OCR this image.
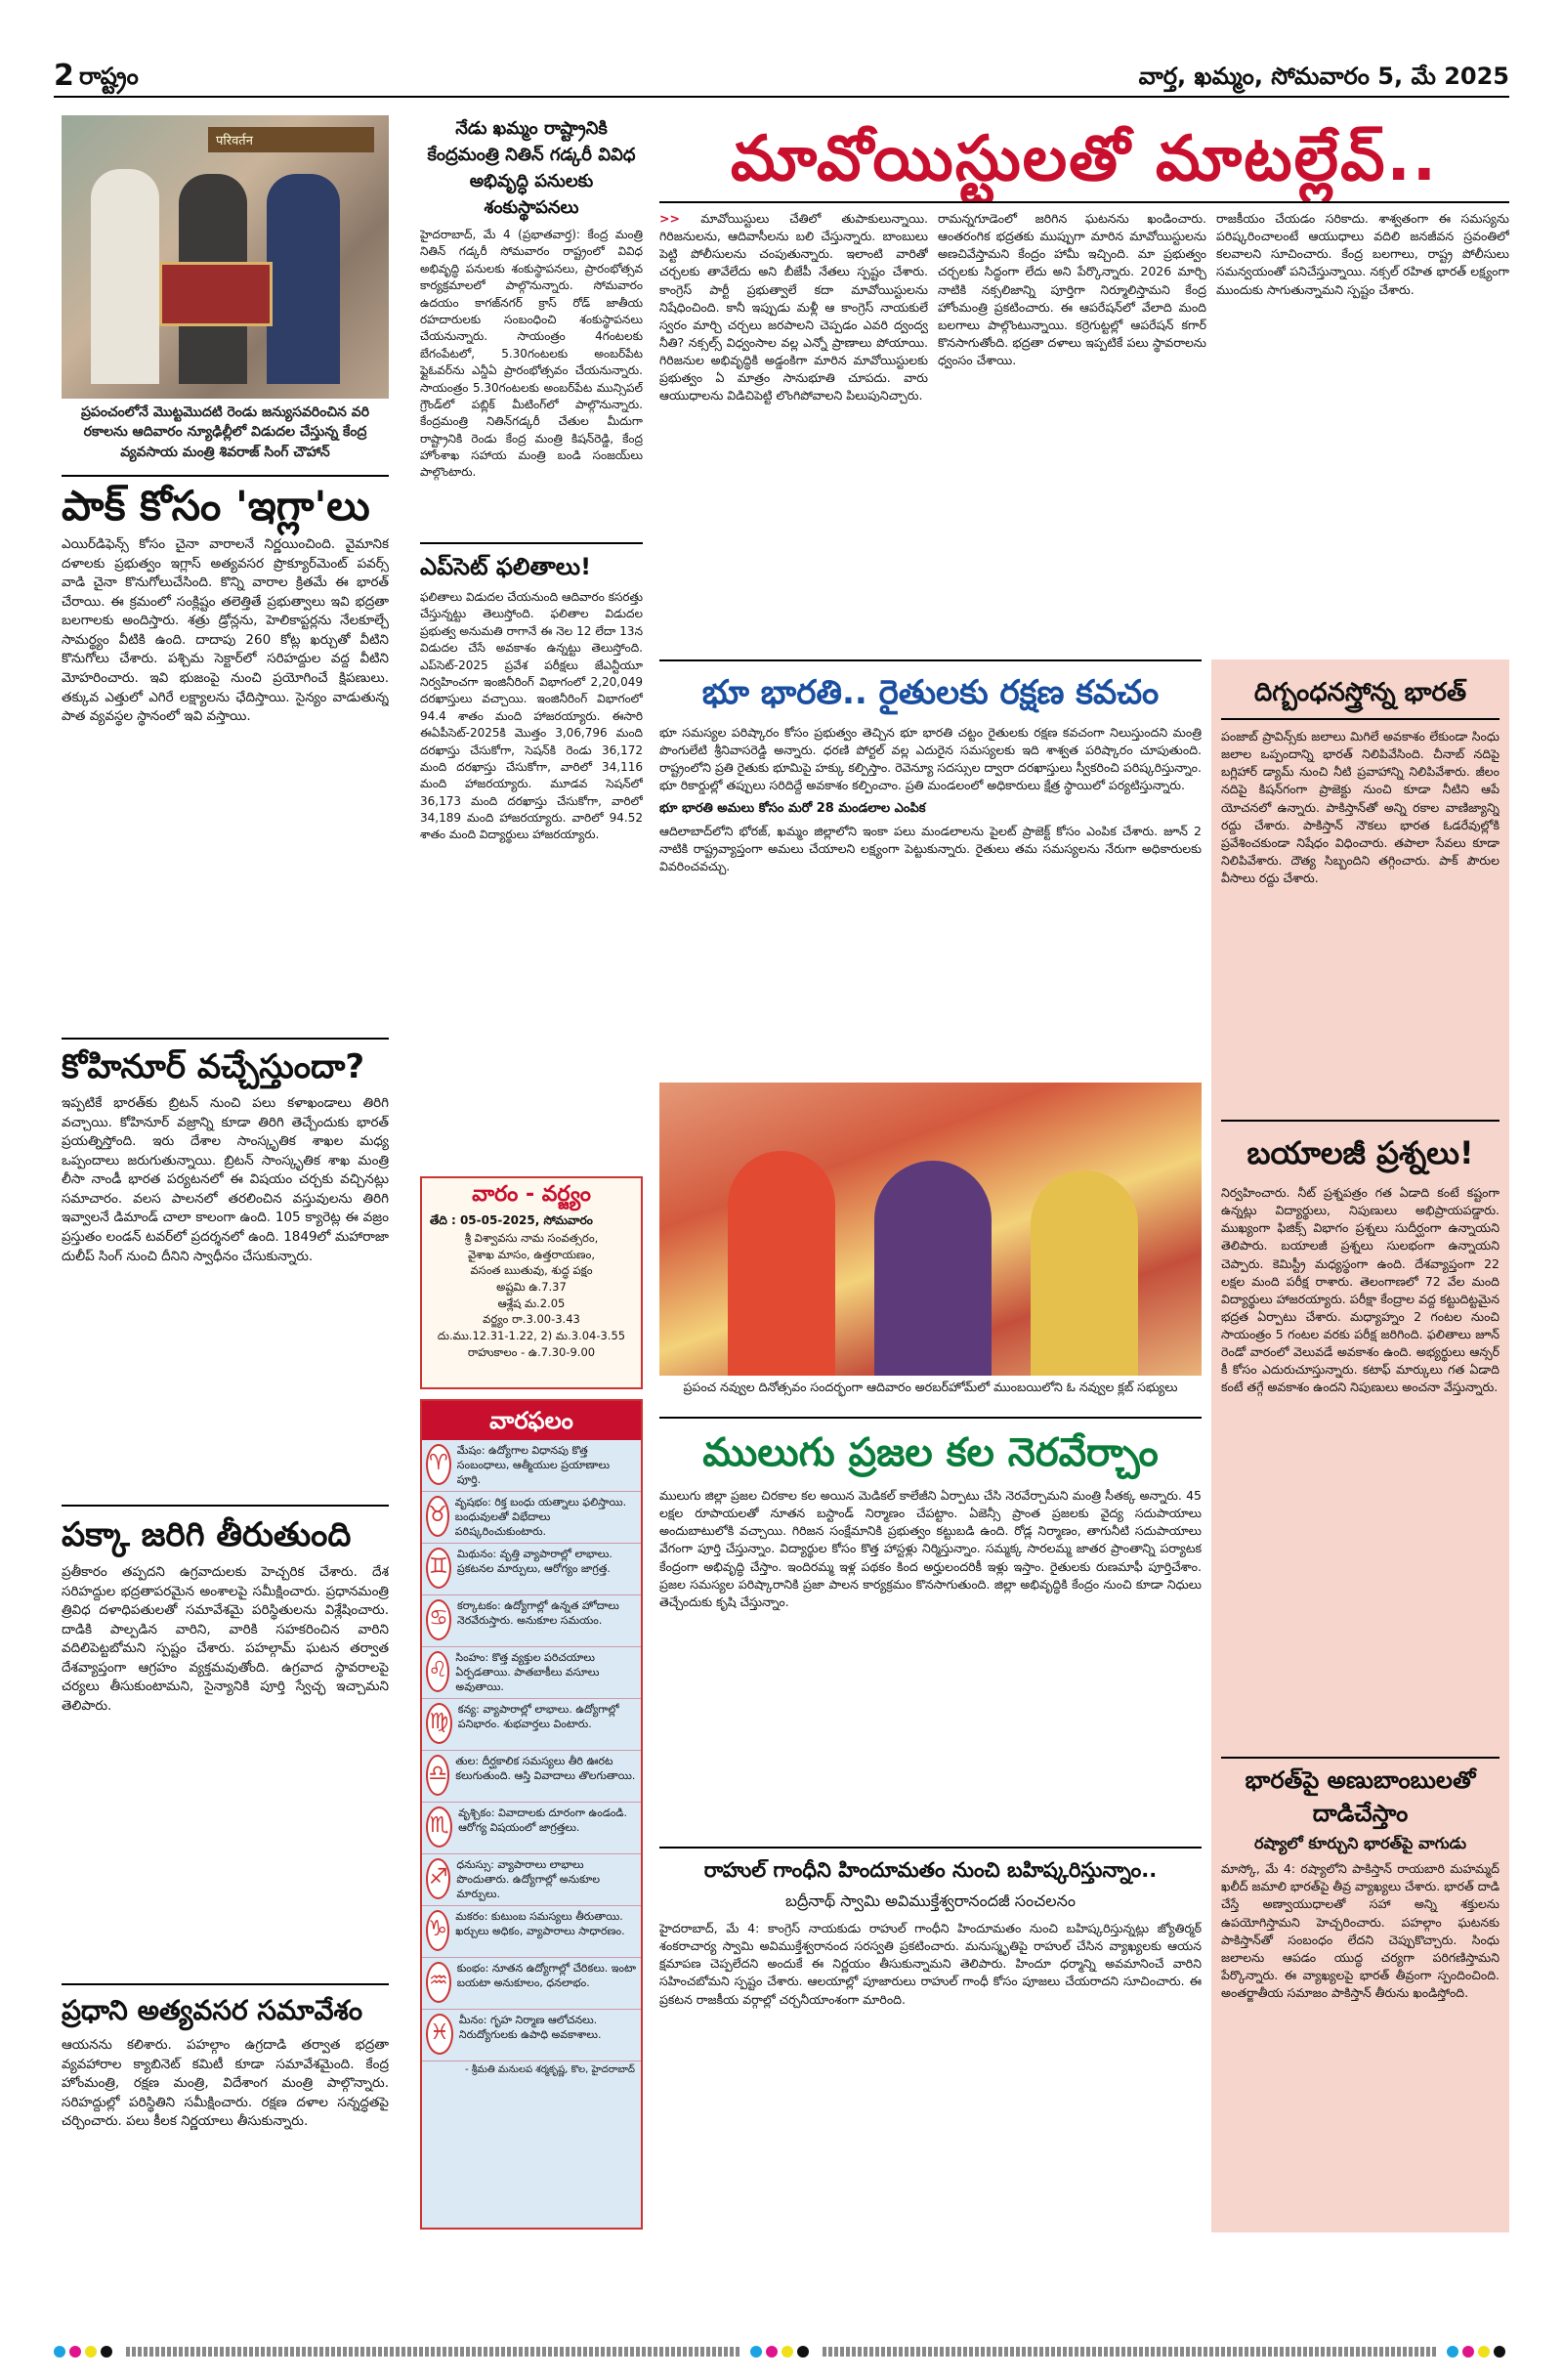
2 రాష్ట్రం	వార్త, ఖమ్మం, సోమవారం 5, మే 2025
परिवर्तन
ప్రపంచంలోనే మొట్టమొదటి రెండు జన్యుసవరించిన వరి రకాలను ఆదివారం న్యూఢిల్లీలో విడుదల చేస్తున్న కేంద్ర వ్యవసాయ మంత్రి శివరాజ్ సింగ్ చౌహాన్
పాక్ కోసం 'ఇగ్లా'లు
ఎయిర్‌డిఫెన్స్ కోసం చైనా వారాలనే నిర్ణయించింది. వైమానిక దళాలకు ప్రభుత్వం ఇగ్లాస్ అత్యవసర ప్రొక్యూర్‌మెంట్ పవర్స్ వాడి చైనా కొనుగోలుచేసింది. కొన్ని వారాల క్రితమే ఈ భారత్ చేరాయి. ఈ క్రమంలో సంక్లిష్టం తలెత్తితే ప్రభుత్వాలు ఇవి భద్రతా బలగాలకు అందిస్తారు. శత్రు డ్రోన్లను, హెలికాప్టర్లను నేలకూల్చే సామర్థ్యం వీటికి ఉంది. దాదాపు 260 కోట్ల ఖర్చుతో వీటిని కొనుగోలు చేశారు. పశ్చిమ సెక్టార్‌లో సరిహద్దుల వద్ద వీటిని మోహరించారు. ఇవి భుజంపై నుంచి ప్రయోగించే క్షిపణులు. తక్కువ ఎత్తులో ఎగిరే లక్ష్యాలను ఛేదిస్తాయి. సైన్యం వాడుతున్న పాత వ్యవస్థల స్థానంలో ఇవి వస్తాయి.
కోహినూర్ వచ్చేస్తుందా?
ఇప్పటికే భారత్‌కు బ్రిటన్ నుంచి పలు కళాఖండాలు తిరిగి వచ్చాయి. కోహినూర్ వజ్రాన్ని కూడా తిరిగి తెచ్చేందుకు భారత్ ప్రయత్నిస్తోంది. ఇరు దేశాల సాంస్కృతిక శాఖల మధ్య ఒప్పందాలు జరుగుతున్నాయి. బ్రిటన్ సాంస్కృతిక శాఖ మంత్రి లీసా నాండీ భారత పర్యటనలో ఈ విషయం చర్చకు వచ్చినట్లు సమాచారం. వలస పాలనలో తరలించిన వస్తువులను తిరిగి ఇవ్వాలనే డిమాండ్ చాలా కాలంగా ఉంది. 105 క్యారెట్ల ఈ వజ్రం ప్రస్తుతం లండన్ టవర్‌లో ప్రదర్శనలో ఉంది. 1849లో మహారాజా దులీప్ సింగ్ నుంచి దీనిని స్వాధీనం చేసుకున్నారు.
పక్కా జరిగి తీరుతుంది
ప్రతీకారం తప్పదని ఉగ్రవాదులకు హెచ్చరిక చేశారు. దేశ సరిహద్దుల భద్రతాపరమైన అంశాలపై సమీక్షించారు. ప్రధానమంత్రి త్రివిధ దళాధిపతులతో సమావేశమై పరిస్థితులను విశ్లేషించారు. దాడికి పాల్పడిన వారిని, వారికి సహకరించిన వారిని వదిలిపెట్టబోమని స్పష్టం చేశారు. పహల్గామ్ ఘటన తర్వాత దేశవ్యాప్తంగా ఆగ్రహం వ్యక్తమవుతోంది. ఉగ్రవాద స్థావరాలపై చర్యలు తీసుకుంటామని, సైన్యానికి పూర్తి స్వేచ్ఛ ఇచ్చామని తెలిపారు.
ప్రధాని అత్యవసర సమావేశం
ఆయనను కలిశారు. పహల్గాం ఉగ్రదాడి తర్వాత భద్రతా వ్యవహారాల క్యాబినెట్ కమిటీ కూడా సమావేశమైంది. కేంద్ర హోంమంత్రి, రక్షణ మంత్రి, విదేశాంగ మంత్రి పాల్గొన్నారు. సరిహద్దుల్లో పరిస్థితిని సమీక్షించారు. రక్షణ దళాల సన్నద్ధతపై చర్చించారు. పలు కీలక నిర్ణయాలు తీసుకున్నారు.
నేడు ఖమ్మం రాష్ట్రానికి కేంద్రమంత్రి నితిన్ గడ్కరీ వివిధ అభివృద్ధి పనులకు శంకుస్థాపనలు
హైదరాబాద్, మే 4 (ప్రభాతవార్త): కేంద్ర మంత్రి నితిన్ గడ్కరీ సోమవారం రాష్ట్రంలో వివిధ అభివృద్ధి పనులకు శంకుస్థాపనలు, ప్రారంభోత్సవ కార్యక్రమాలలో పాల్గొనున్నారు. సోమవారం ఉదయం కాగజ్‌నగర్ క్రాస్ రోడ్ జాతీయ రహదారులకు సంబంధించి శంకుస్థాపనలు చేయనున్నారు. సాయంత్రం 4గంటలకు బేగంపేటలో, 5.30గంటలకు అంబర్‌పేట ఫ్లైఓవర్‌ను ఎన్డీఏ ప్రారంభోత్సవం చేయనున్నారు. సాయంత్రం 5.30గంటలకు అంబర్‌పేట మున్సిపల్ గ్రౌండ్‌లో పబ్లిక్ మీటింగ్‌లో పాల్గొనున్నారు. కేంద్రమంత్రి నితిన్‌గడ్కరీ చేతుల మీదుగా రాష్ట్రానికి రెండు కేంద్ర మంత్రి కిషన్‌రెడ్డి, కేంద్ర హోంశాఖ సహాయ మంత్రి బండి సంజయ్‌లు పాల్గొంటారు.
ఎప్‌సెట్ ఫలితాలు!
ఫలితాలు విడుదల చేయనుంది ఆదివారం కసరత్తు చేస్తున్నట్టు తెలుస్తోంది. ఫలితాల విడుదల ప్రభుత్వ అనుమతి రాగానే ఈ నెల 12 లేదా 13న విడుదల చేసే అవకాశం ఉన్నట్టు తెలుస్తోంది. ఎప్‌సెట్-2025 ప్రవేశ పరీక్షలు జేఎన్టీయూ నిర్వహించగా ఇంజినీరింగ్ విభాగంలో 2,20,049 దరఖాస్తులు వచ్చాయి. ఇంజినీరింగ్ విభాగంలో 94.4 శాతం మంది హాజరయ్యారు. ఈసారి ఈఏపీసెట్-2025కి మొత్తం 3,06,796 మంది దరఖాస్తు చేసుకోగా, సెషన్‌కి రెండు 36,172 మంది దరఖాస్తు చేసుకోగా, వారిలో 34,116 మంది హాజరయ్యారు. మూడవ సెషన్‌లో 36,173 మంది దరఖాస్తు చేసుకోగా, వారిలో 34,189 మంది హాజరయ్యారు. వారిలో 94.52 శాతం మంది విద్యార్థులు హాజరయ్యారు.
వారం - వర్జ్యం
తేది : 05-05-2025, సోమవారం
శ్రీ విశ్వావసు నామ సంవత్సరం,
వైశాఖ మాసం, ఉత్తరాయణం,
వసంత ఋతువు, శుద్ధ పక్షం
అష్టమి ఉ.7.37
ఆశ్లేష మ.2.05
వర్జ్యం రా.3.00-3.43
దు.ము.12.31-1.22, 2) మ.3.04-3.55
రాహుకాలం - ఉ.7.30-9.00
వారఫలం
♈
మేషం: ఉద్యోగాల విధానపు కొత్త సంబంధాలు, ఆత్మీయుల ప్రయాణాలు పూర్తి.
♉
వృషభం: రిక్త బంధు యత్నాలు ఫలిస్తాయి. బంధువులతో విభేదాలు పరిష్కరించుకుంటారు.
♊
మిథునం: వృత్తి వ్యాపారాల్లో లాభాలు. ప్రకటనల మార్పులు, ఆరోగ్యం జాగ్రత్త.
♋
కర్కాటకం: ఉద్యోగాల్లో ఉన్నత హోదాలు నెరవేరుస్తారు. అనుకూల సమయం.
♌
సింహం: కొత్త వ్యక్తుల పరిచయాలు ఏర్పడతాయి. పాతబాకీలు వసూలు అవుతాయి.
♍
కన్య: వ్యాపారాల్లో లాభాలు. ఉద్యోగాల్లో పనిభారం. శుభవార్తలు వింటారు.
♎
తుల: దీర్ఘకాలిక సమస్యలు తీరి ఊరట కలుగుతుంది. ఆస్తి వివాదాలు తొలగుతాయి.
♏
వృశ్చికం: వివాదాలకు దూరంగా ఉండండి. ఆరోగ్య విషయంలో జాగ్రత్తలు.
♐
ధనుస్సు: వ్యాపారాలు లాభాలు పొందుతారు. ఉద్యోగాల్లో అనుకూల మార్పులు.
♑
మకరం: కుటుంబ సమస్యలు తీరుతాయి. ఖర్చులు అధికం, వ్యాపారాలు సాధారణం.
♒
కుంభం: నూతన ఉద్యోగాల్లో చేరికలు. ఇంటా బయటా అనుకూలం, ధనలాభం.
♓
మీనం: గృహ నిర్మాణ ఆలోచనలు. నిరుద్యోగులకు ఉపాధి అవకాశాలు.
- శ్రీమతి మనులప శర్మకృష్ణ, కొల, హైదరాబాద్
మావోయిస్టులతో మాటల్లేవ్..
>> మావోయిస్టులు చేతిలో తుపాకులున్నాయి. గిరిజనులను, ఆదివాసీలను బలి చేస్తున్నారు. బాంబులు పెట్టి పోలీసులను చంపుతున్నారు. ఇలాంటి వారితో చర్చలకు తావేలేదు అని బీజేపీ నేతలు స్పష్టం చేశారు. కాంగ్రెస్ పార్టీ ప్రభుత్వాలే కదా మావోయిస్టులను నిషేధించింది. కానీ ఇప్పుడు మళ్లీ ఆ కాంగ్రెస్ నాయకులే స్వరం మార్చి చర్చలు జరపాలని చెప్పడం ఎవరి ద్వంద్వ నీతి? నక్సల్స్ విధ్వంసాల వల్ల ఎన్నో ప్రాణాలు పోయాయి. గిరిజనుల అభివృద్ధికి అడ్డంకిగా మారిన మావోయిస్టులకు ప్రభుత్వం ఏ మాత్రం సానుభూతి చూపదు. వారు ఆయుధాలను విడిచిపెట్టి లొంగిపోవాలని పిలుపునిచ్చారు.
రామన్నగూడెంలో జరిగిన ఘటనను ఖండించారు. ఆంతరంగిక భద్రతకు ముప్పుగా మారిన మావోయిస్టులను అణచివేస్తామని కేంద్రం హామీ ఇచ్చింది. మా ప్రభుత్వం చర్చలకు సిద్ధంగా లేదు అని పేర్కొన్నారు. 2026 మార్చి నాటికి నక్సలిజాన్ని పూర్తిగా నిర్మూలిస్తామని కేంద్ర హోంమంత్రి ప్రకటించారు. ఈ ఆపరేషన్‌లో వేలాది మంది బలగాలు పాల్గొంటున్నాయి. కర్రెగుట్టల్లో ఆపరేషన్ కగార్ కొనసాగుతోంది. భద్రతా దళాలు ఇప్పటికే పలు స్థావరాలను ధ్వంసం చేశాయి.
రాజకీయం చేయడం సరికాదు. శాశ్వతంగా ఈ సమస్యను పరిష్కరించాలంటే ఆయుధాలు వదిలి జనజీవన స్రవంతిలో కలవాలని సూచించారు. కేంద్ర బలగాలు, రాష్ట్ర పోలీసులు సమన్వయంతో పనిచేస్తున్నాయి. నక్సల్ రహిత భారత్ లక్ష్యంగా ముందుకు సాగుతున్నామని స్పష్టం చేశారు.
భూ భారతి.. రైతులకు రక్షణ కవచం
భూ సమస్యల పరిష్కారం కోసం ప్రభుత్వం తెచ్చిన భూ భారతి చట్టం రైతులకు రక్షణ కవచంగా నిలుస్తుందని మంత్రి పొంగులేటి శ్రీనివాసరెడ్డి అన్నారు. ధరణి పోర్టల్ వల్ల ఎదురైన సమస్యలకు ఇది శాశ్వత పరిష్కారం చూపుతుంది. రాష్ట్రంలోని ప్రతి రైతుకు భూమిపై హక్కు కల్పిస్తాం. రెవెన్యూ సదస్సుల ద్వారా దరఖాస్తులు స్వీకరించి పరిష్కరిస్తున్నాం. భూ రికార్డుల్లో తప్పులు సరిదిద్దే అవకాశం కల్పించాం. ప్రతి మండలంలో అధికారులు క్షేత్ర స్థాయిలో పర్యటిస్తున్నారు.
భూ భారతి అమలు కోసం మరో 28 మండలాల ఎంపిక
ఆదిలాబాద్‌లోని భోరజ్, ఖమ్మం జిల్లాలోని ఇంకా పలు మండలాలను పైలట్ ప్రాజెక్ట్ కోసం ఎంపిక చేశారు. జూన్ 2 నాటికి రాష్ట్రవ్యాప్తంగా అమలు చేయాలని లక్ష్యంగా పెట్టుకున్నారు. రైతులు తమ సమస్యలను నేరుగా అధికారులకు వివరించవచ్చు.
ప్రపంచ నవ్వుల దినోత్సవం సందర్భంగా ఆదివారం అరబర్‌హోమ్‌లో ముంబయిలోని ఓ నవ్వుల క్లబ్ సభ్యులు
ములుగు ప్రజల కల నెరవేర్చాం
ములుగు జిల్లా ప్రజల చిరకాల కల అయిన మెడికల్ కాలేజీని ఏర్పాటు చేసి నెరవేర్చామని మంత్రి సీతక్క అన్నారు. 45 లక్షల రూపాయలతో నూతన బస్టాండ్ నిర్మాణం చేపట్టాం. ఏజెన్సీ ప్రాంత ప్రజలకు వైద్య సదుపాయాలు అందుబాటులోకి వచ్చాయి. గిరిజన సంక్షేమానికి ప్రభుత్వం కట్టుబడి ఉంది. రోడ్ల నిర్మాణం, తాగునీటి సదుపాయాలు వేగంగా పూర్తి చేస్తున్నాం. విద్యార్థుల కోసం కొత్త హాస్టళ్లు నిర్మిస్తున్నాం. సమ్మక్క సారలమ్మ జాతర ప్రాంతాన్ని పర్యాటక కేంద్రంగా అభివృద్ధి చేస్తాం. ఇందిరమ్మ ఇళ్ల పథకం కింద అర్హులందరికీ ఇళ్లు ఇస్తాం. రైతులకు రుణమాఫీ పూర్తిచేశాం. ప్రజల సమస్యల పరిష్కారానికి ప్రజా పాలన కార్యక్రమం కొనసాగుతుంది. జిల్లా అభివృద్ధికి కేంద్రం నుంచి కూడా నిధులు తెచ్చేందుకు కృషి చేస్తున్నాం.
రాహుల్ గాంధీని హిందూమతం నుంచి బహిష్కరిస్తున్నాం..
బద్రీనాథ్ స్వామి అవిముక్తేశ్వరానందజీ సంచలనం
హైదరాబాద్, మే 4: కాంగ్రెస్ నాయకుడు రాహుల్ గాంధీని హిందూమతం నుంచి బహిష్కరిస్తున్నట్లు జ్యోతిర్మఠ్ శంకరాచార్య స్వామి అవిముక్తేశ్వరానంద సరస్వతి ప్రకటించారు. మనుస్మృతిపై రాహుల్ చేసిన వ్యాఖ్యలకు ఆయన క్షమాపణ చెప్పలేదని అందుకే ఈ నిర్ణయం తీసుకున్నామని తెలిపారు. హిందూ ధర్మాన్ని అవమానించే వారిని సహించబోమని స్పష్టం చేశారు. ఆలయాల్లో పూజారులు రాహుల్ గాంధీ కోసం పూజలు చేయరాదని సూచించారు. ఈ ప్రకటన రాజకీయ వర్గాల్లో చర్చనీయాంశంగా మారింది.
దిగ్బంధనస్త్రోన్న భారత్
పంజాబ్ ప్రావిన్స్‌కు జలాలు మిగిలే అవకాశం లేకుండా సింధు జలాల ఒప్పందాన్ని భారత్ నిలిపివేసింది. చీనాబ్ నదిపై బగ్లిహార్ డ్యామ్ నుంచి నీటి ప్రవాహాన్ని నిలిపివేశారు. జీలం నదిపై కిషన్‌గంగా ప్రాజెక్టు నుంచి కూడా నీటిని ఆపే యోచనలో ఉన్నారు. పాకిస్తాన్‌తో అన్ని రకాల వాణిజ్యాన్ని రద్దు చేశారు. పాకిస్తాన్ నౌకలు భారత ఓడరేవుల్లోకి ప్రవేశించకుండా నిషేధం విధించారు. తపాలా సేవలు కూడా నిలిపివేశారు. దౌత్య సిబ్బందిని తగ్గించారు. పాక్ పౌరుల వీసాలు రద్దు చేశారు.
బయాలజీ ప్రశ్నలు!
నిర్వహించారు. నీట్ ప్రశ్నపత్రం గత ఏడాది కంటే కష్టంగా ఉన్నట్లు విద్యార్థులు, నిపుణులు అభిప్రాయపడ్డారు. ముఖ్యంగా ఫిజిక్స్ విభాగం ప్రశ్నలు సుదీర్ఘంగా ఉన్నాయని తెలిపారు. బయాలజీ ప్రశ్నలు సులభంగా ఉన్నాయని చెప్పారు. కెమిస్ట్రీ మధ్యస్థంగా ఉంది. దేశవ్యాప్తంగా 22 లక్షల మంది పరీక్ష రాశారు. తెలంగాణలో 72 వేల మంది విద్యార్థులు హాజరయ్యారు. పరీక్షా కేంద్రాల వద్ద కట్టుదిట్టమైన భద్రత ఏర్పాటు చేశారు. మధ్యాహ్నం 2 గంటల నుంచి సాయంత్రం 5 గంటల వరకు పరీక్ష జరిగింది. ఫలితాలు జూన్ రెండో వారంలో వెలువడే అవకాశం ఉంది. అభ్యర్థులు ఆన్సర్ కీ కోసం ఎదురుచూస్తున్నారు. కటాఫ్ మార్కులు గత ఏడాది కంటే తగ్గే అవకాశం ఉందని నిపుణులు అంచనా వేస్తున్నారు.
భారత్‌పై అణుబాంబులతో దాడిచేస్తాం
రష్యాలో కూర్చుని భారత్‌పై వాగుడు
మాస్కో, మే 4: రష్యాలోని పాకిస్తాన్ రాయబారి మహమ్మద్ ఖలీద్ జమాలి భారత్‌పై తీవ్ర వ్యాఖ్యలు చేశారు. భారత్ దాడి చేస్తే అణ్వాయుధాలతో సహా అన్ని శక్తులను ఉపయోగిస్తామని హెచ్చరించారు. పహల్గాం ఘటనకు పాకిస్తాన్‌తో సంబంధం లేదని చెప్పుకొచ్చారు. సింధు జలాలను ఆపడం యుద్ధ చర్యగా పరిగణిస్తామని పేర్కొన్నారు. ఈ వ్యాఖ్యలపై భారత్ తీవ్రంగా స్పందించింది. అంతర్జాతీయ సమాజం పాకిస్తాన్ తీరును ఖండిస్తోంది.
